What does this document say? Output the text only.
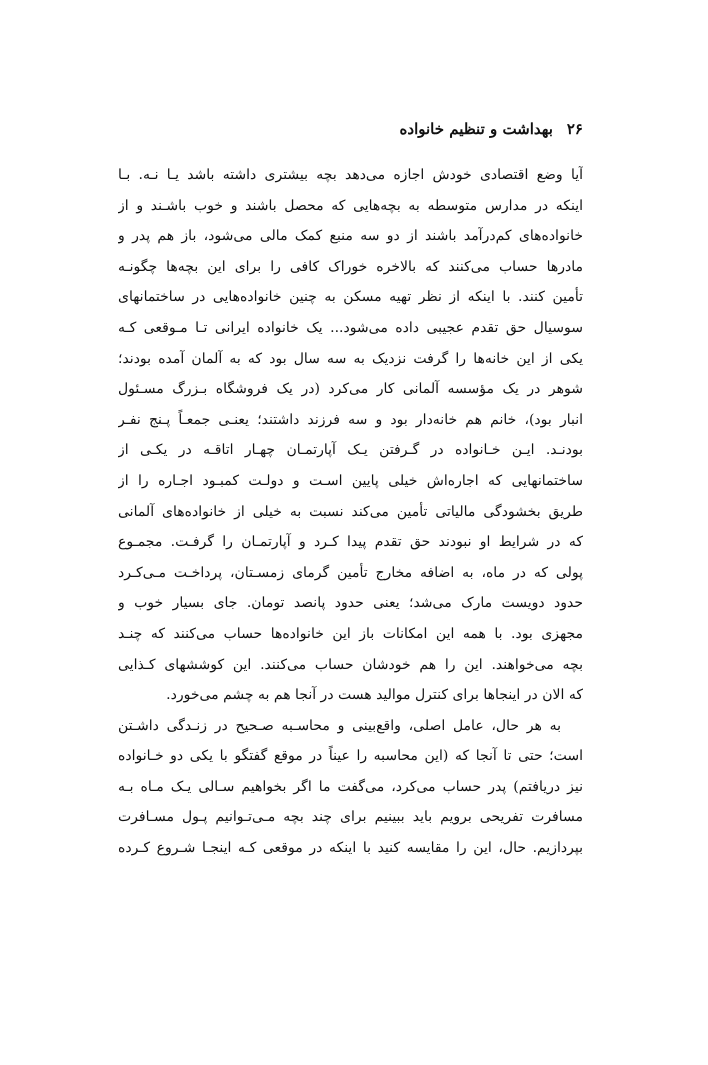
۲۶
بهداشت و تنظیم خانواده
آیا وضع اقتصادی خودش اجازه می‌دهد بچه بیشتری داشته باشد یـا نـه. بـا
اینکه در مدارس متوسطه به بچه‌هایی که محصل باشند و خوب باشـند و از
خانواده‌های کم‌درآمد باشند از دو سه منبع کمک مالی می‌شود، باز هم پدر و
مادرها حساب می‌کنند که بالاخره خوراک کافی را برای این بچه‌ها چگونـه
تأمین کنند. با اینکه از نظر تهیه مسکن به چنین خانواده‌هایی در ساختمانهای
سوسیال حق تقدم عجیبی داده می‌شود... یک خانواده ایرانی تـا مـوقعی کـه
یکی از این خانه‌ها را گرفت نزدیک به سه سال بود که به آلمان آمده بودند؛
شوهر در یک مؤسسه آلمانی کار می‌کرد (در یک فروشگاه بـزرگ مسـئول
انبار بود)، خانم هم خانه‌دار بود و سه فرزند داشتند؛ یعنـی جمعـاً پـنج نفـر
بودنـد. ایـن خـانواده در گـرفتن یـک آپارتمـان چهـار اتاقـه در یکـی از
ساختمانهایی که اجاره‌اش خیلی پایین اسـت و دولـت کمبـود اجـاره را از
طریق بخشودگی مالیاتی تأمین می‌کند نسبت به خیلی از خانواده‌های آلمانی
که در شرایط او نبودند حق تقدم پیدا کـرد و آپارتمـان را گرفـت. مجمـوع
پولی که در ماه، به اضافه مخارج تأمین گرمای زمسـتان، پرداخـت مـی‌کـرد
حدود دویست مارک می‌شد؛ یعنی حدود پانصد تومان. جای بسیار خوب و
مجهزی بود. با همه این امکانات باز این خانواده‌ها حساب می‌کنند که چنـد
بچه می‌خواهند. این را هم خودشان حساب می‌کنند. این کوششهای کـذایی
که الان در اینجاها برای کنترل موالید هست در آنجا هم به چشم می‌خورد.
به هر حال، عامل اصلی، واقع‌بینی و محاسـبه صـحیح در زنـدگی داشـتن
است؛ حتی تا آنجا که (این محاسبه را عیناً در موقع گفتگو با یکی دو خـانواده
نیز دریافتم) پدر حساب می‌کرد، می‌گفت ما اگر بخواهیم سـالی یـک مـاه بـه
مسافرت تفریحی برویم باید ببینیم برای چند بچه مـی‌تـوانیم پـول مسـافرت
بپردازیم. حال، این را مقایسه کنید با اینکه در موقعی کـه اینجـا شـروع کـرده
